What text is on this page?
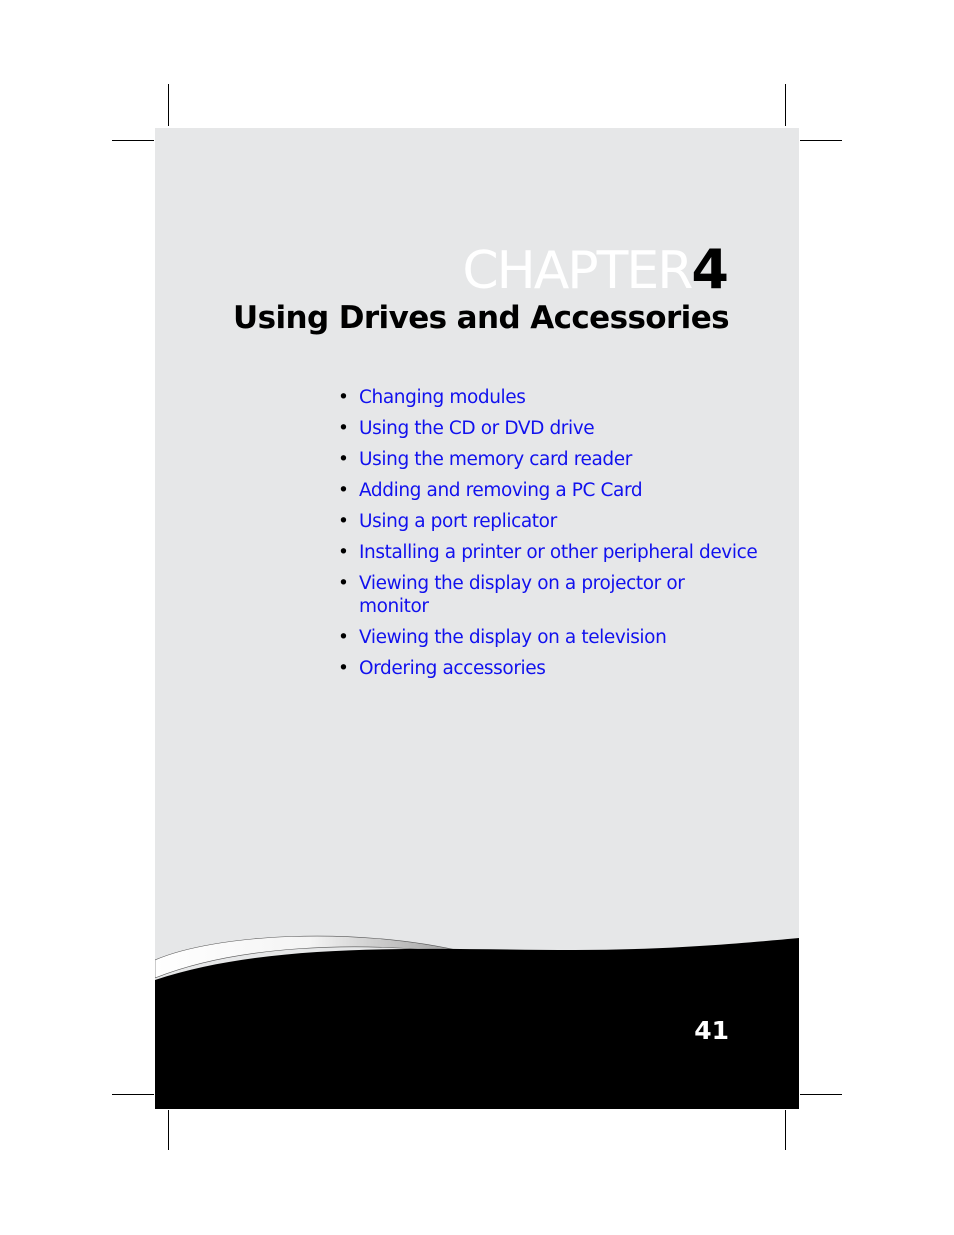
CHAPTER4
Using Drives and Accessories
• Changing modules
• Using the CD or DVD drive
• Using the memory card reader
• Adding and removing a PC Card
• Using a port replicator
• Installing a printer or other peripheral device
• Viewing the display on a projector or monitor
• Viewing the display on a television
• Ordering accessories
41
